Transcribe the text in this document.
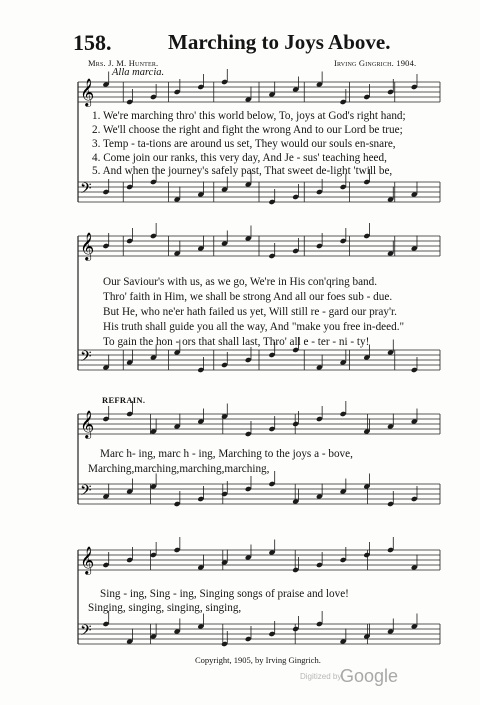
158.	Marching to Joys Above.
Mrs. J. M. Hunter.	Irving Gingrich. 1904.
Alla marcia.
𝄞
𝄢
𝄞
𝄢
𝄞
𝄢
𝄞
𝄢
1. We're marching thro' this world below, To, joys at God's right hand;
2. We'll choose the right and fight the wrong And to our Lord be true;
3. Temp - ta-tions are around us set, They would our souls en-snare,
4. Come join our ranks, this very day, And Je - sus' teaching heed,
5. And when the journey's safely past, That sweet de-light 'twill be,
Our Saviour's with us, as we go, We're in His con'qring band.
Thro' faith in Him, we shall be strong And all our foes sub - due.
But He, who ne'er hath failed us yet, Will still re - gard our pray'r.
His truth shall guide you all the way, And "make you free in-deed."
To gain the hon - ors that shall last, Thro' all e - ter - ni - ty!
REFRAIN.
Marc h- ing, marc h - ing, Marching to the joys a - bove,
Marching,marching,marching,marching,
Sing - ing, Sing - ing, Singing songs of praise and love!
Singing, singing, singing, singing,
Copyright, 1905, by Irving Gingrich.
Digitized by
Google
